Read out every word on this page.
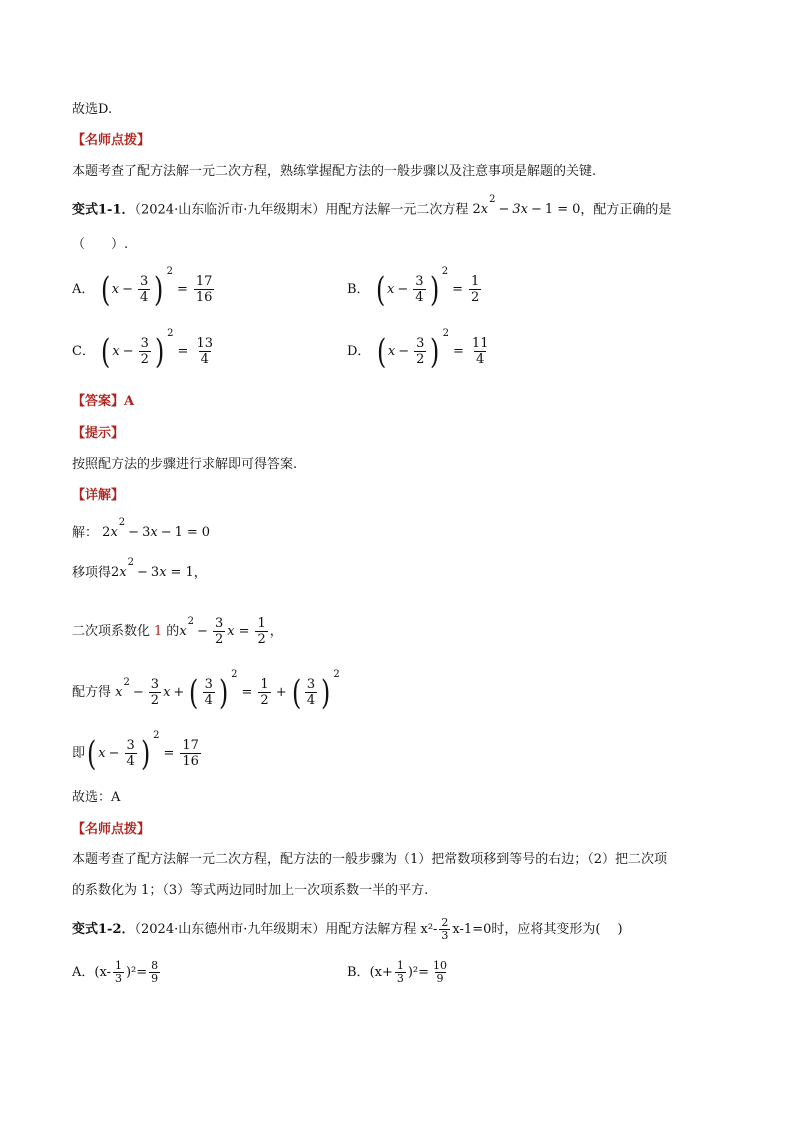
故选D.
【名师点拨】
本题考查了配方法解一元二次方程，熟练掌握配方法的一般步骤以及注意事项是解题的关键.
变式1-1．（2024·山东临沂市·九年级期末）用配方法解一元二次方程 2 x
2
− 3x − 1 = 0 ，配方正确的是
（　　）.
A． ( $x - \frac{3}{4}$ ) 2
= $\frac{17}{16}$	B． ( $x - \frac{3}{4}$ ) 2
= $\frac{1}{2}$
C． ( $x - \frac{3}{2}$ ) 2
= $\frac{13}{4}$	D． ( $x - \frac{3}{2}$ ) 2
= $\frac{11}{4}$
【答案】A
【提示】
按照配方法的步骤进行求解即可得答案.
【详解】
解： 2 x
2
− 3 x − 1 = 0
移项得 2 x
2
− 3 x = 1 ，
二次项系数化 1 的 x
2
− $\frac{3}{2}$ $x = \frac{1}{2}$ ，
配方得 x
2
− $\frac{3}{2}$ x + ( $\frac{3}{4}$ ) 2
= $\frac{1}{2}$ + ( $\frac{3}{4}$ ) 2
即 ( $x - \frac{3}{4}$ ) 2
= $\frac{17}{16}$
故选：A
【名师点拨】
本题考查了配方法解一元二次方程，配方法的一般步骤为（1）把常数项移到等号的右边；（2）把二次项
的系数化为 1；（3）等式两边同时加上一次项系数一半的平方.
变式1-2．（2024·山东德州市·九年级期末）用配方法解方程 $x^2- \frac{2}{3} x-1=0$时，应将其变形为(　 )
A．$(x- \frac{1}{3} )^2= \frac{8}{9}$	B．$(x+ \frac{1}{3} )^2= \frac{10}{9}$
